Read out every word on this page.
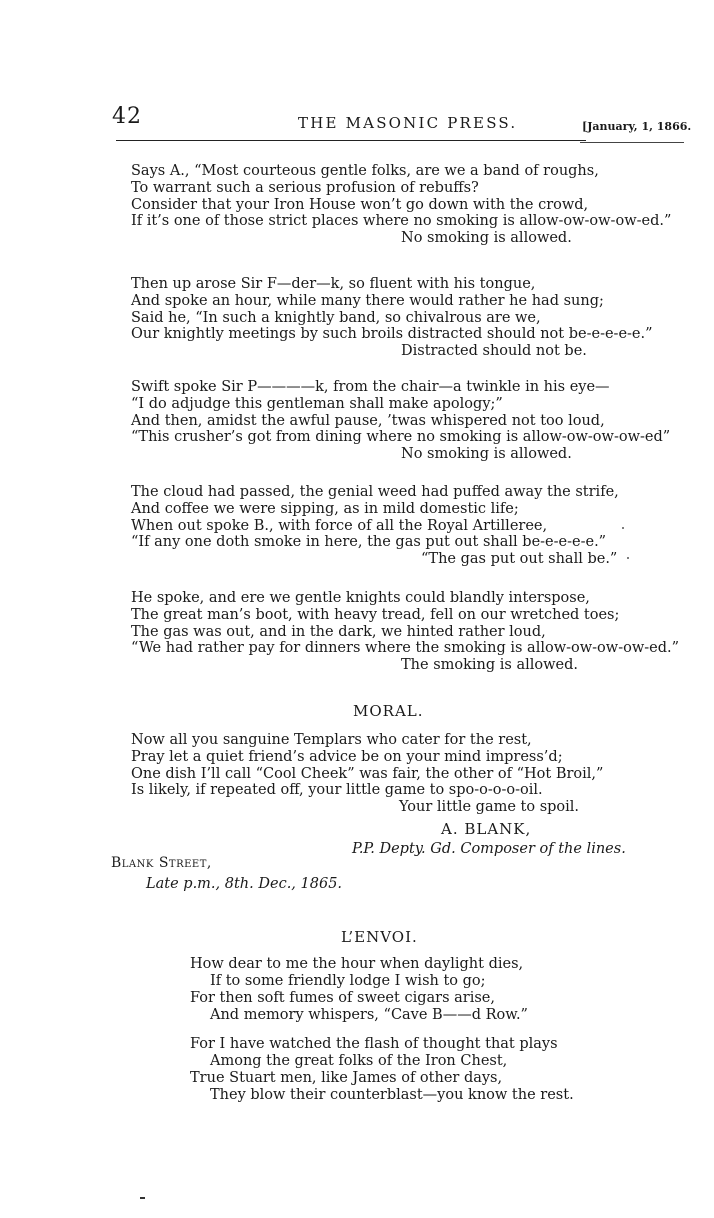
42	THE MASONIC PRESS.	[January, 1, 1866.
Says A., “Most courteous gentle folks, are we a band of roughs,
To warrant such a serious profusion of rebuffs?
Consider that your Iron House won’t go down with the crowd,
If it’s one of those strict places where no smoking is allow-ow-ow-ow-ed.”
No smoking is allowed.
Then up arose Sir F—der—k, so fluent with his tongue,
And spoke an hour, while many there would rather he had sung;
Said he, “In such a knightly band, so chivalrous are we,
Our knightly meetings by such broils distracted should not be-e-e-e-e.”
Distracted should not be.
Swift spoke Sir P————k, from the chair—a twinkle in his eye—
“I do adjudge this gentleman shall make apology;”
And then, amidst the awful pause, ’twas whispered not too loud,
“This crusher’s got from dining where no smoking is allow-ow-ow-ow-ed”
No smoking is allowed.
The cloud had passed, the genial weed had puffed away the strife,
And coffee we were sipping, as in mild domestic life;
When out spoke B., with force of all the Royal Artilleree,
“If any one doth smoke in here, the gas put out shall be-e-e-e-e.”
“The gas put out shall be.”
He spoke, and ere we gentle knights could blandly interspose,
The great man’s boot, with heavy tread, fell on our wretched toes;
The gas was out, and in the dark, we hinted rather loud,
“We had rather pay for dinners where the smoking is allow-ow-ow-ow-ed.”
The smoking is allowed.
MORAL.
Now all you sanguine Templars who cater for the rest,
Pray let a quiet friend’s advice be on your mind impress’d;
One dish I’ll call “Cool Cheek” was fair, the other of “Hot Broil,”
Is likely, if repeated off, your little game to spo-o-o-o-oil.
Your little game to spoil.
A. BLANK,
P.P. Depty. Gd. Composer of the lines.
Blank Street,
Late p.m., 8th. Dec., 1865.
L’ENVOI.
How dear to me the hour when daylight dies,
If to some friendly lodge I wish to go;
For then soft fumes of sweet cigars arise,
And memory whispers, “Cave B——d Row.”
For I have watched the flash of thought that plays
Among the great folks of the Iron Chest,
True Stuart men, like James of other days,
They blow their counterblast—you know the rest.
